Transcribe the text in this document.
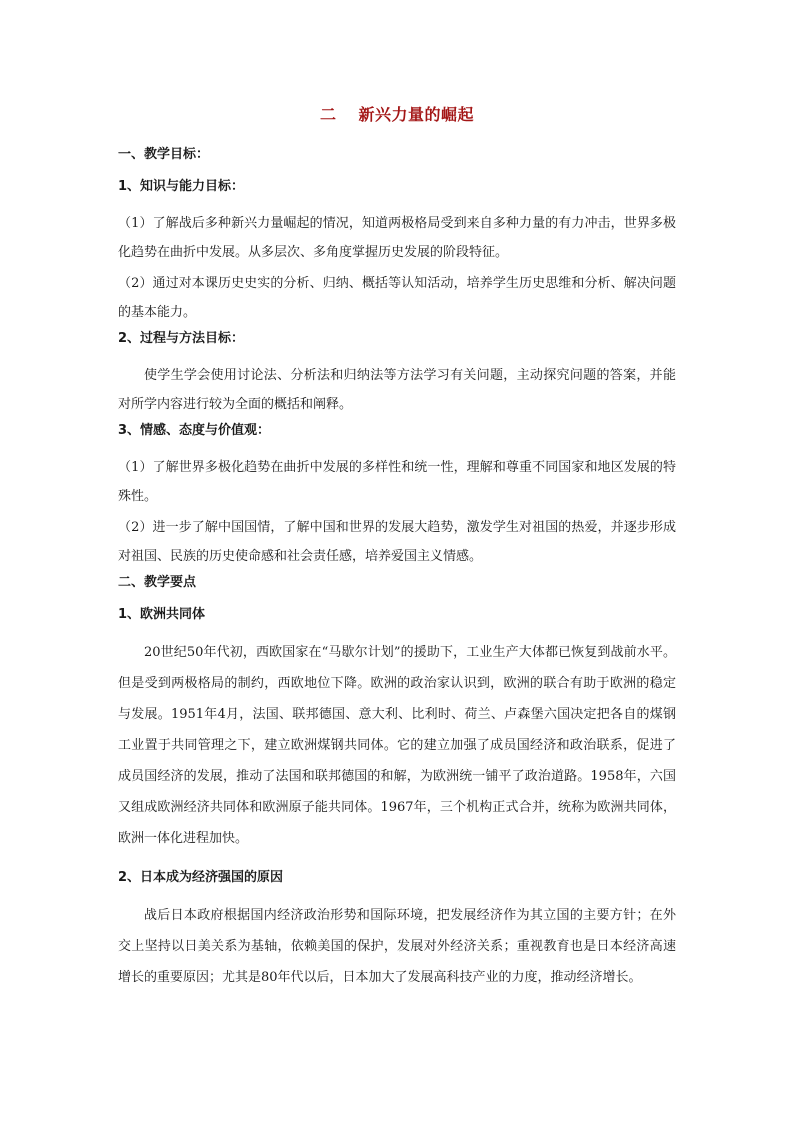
二 新兴力量的崛起
一、教学目标：
1、知识与能力目标：

（1）了解战后多种新兴力量崛起的情况，知道两极格局受到来自多种力量的有力冲击，世界多极化趋势在曲折中发展。从多层次、多角度掌握历史发展的阶段特征。

（2）通过对本课历史史实的分析、归纳、概括等认知活动，培养学生历史思维和分析、解决问题的基本能力。

2、过程与方法目标：

使学生学会使用讨论法、分析法和归纳法等方法学习有关问题，主动探究问题的答案，并能对所学内容进行较为全面的概括和阐释。

3、情感、态度与价值观：

（1）了解世界多极化趋势在曲折中发展的多样性和统一性，理解和尊重不同国家和地区发展的特殊性。

（2）进一步了解中国国情，了解中国和世界的发展大趋势，激发学生对祖国的热爱，并逐步形成对祖国、民族的历史使命感和社会责任感，培养爱国主义情感。

二、教学要点
1、欧洲共同体

20世纪50年代初，西欧国家在“马歇尔计划”的援助下，工业生产大体都已恢复到战前水平。但是受到两极格局的制约，西欧地位下降。欧洲的政治家认识到，欧洲的联合有助于欧洲的稳定与发展。1951年4月，法国、联邦德国、意大利、比利时、荷兰、卢森堡六国决定把各自的煤钢工业置于共同管理之下，建立欧洲煤钢共同体。它的建立加强了成员国经济和政治联系，促进了成员国经济的发展，推动了法国和联邦德国的和解，为欧洲统一铺平了政治道路。1958年，六国又组成欧洲经济共同体和欧洲原子能共同体。1967年，三个机构正式合并，统称为欧洲共同体，欧洲一体化进程加快。

2、日本成为经济强国的原因

战后日本政府根据国内经济政治形势和国际环境，把发展经济作为其立国的主要方针；在外交上坚持以日美关系为基轴，依赖美国的保护，发展对外经济关系；重视教育也是日本经济高速增长的重要原因；尤其是80年代以后，日本加大了发展高科技产业的力度，推动经济增长。
